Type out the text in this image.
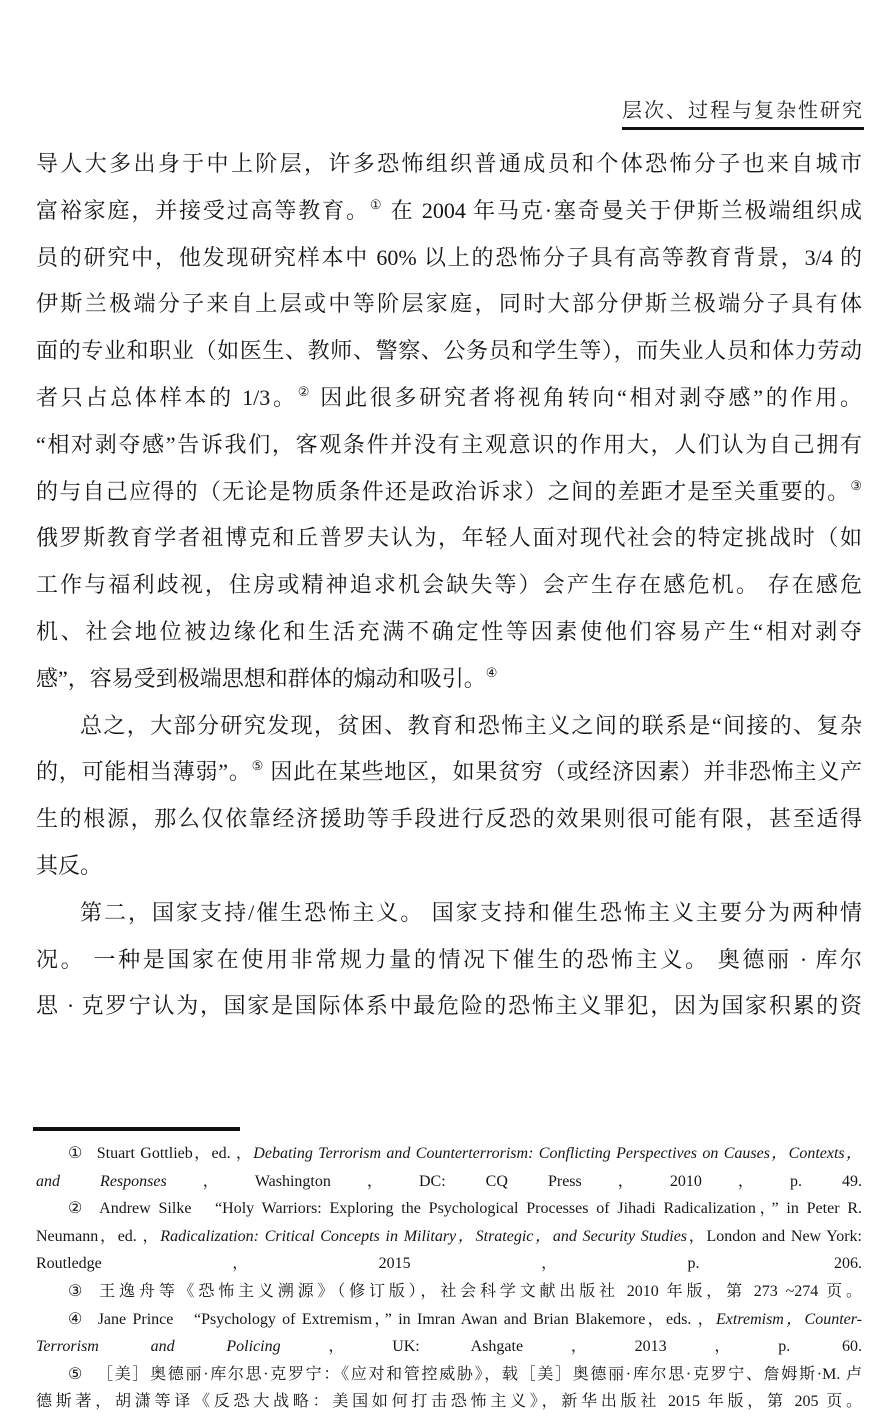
层次、过程与复杂性研究
导人大多出身于中上阶层，许多恐怖组织普通成员和个体恐怖分子也来自城市
富裕家庭，并接受过高等教育。① 在 2004 年马克·塞奇曼关于伊斯兰极端组织成
员的研究中，他发现研究样本中 60% 以上的恐怖分子具有高等教育背景，3/4 的
伊斯兰极端分子来自上层或中等阶层家庭，同时大部分伊斯兰极端分子具有体
面的专业和职业（如医生、教师、警察、公务员和学生等），而失业人员和体力劳动
者只占总体样本的 1/3。② 因此很多研究者将视角转向“相对剥夺感”的作用。
“相对剥夺感”告诉我们，客观条件并没有主观意识的作用大，人们认为自己拥有
的与自己应得的（无论是物质条件还是政治诉求）之间的差距才是至关重要的。③
俄罗斯教育学者祖博克和丘普罗夫认为，年轻人面对现代社会的特定挑战时（如
工作与福利歧视，住房或精神追求机会缺失等）会产生存在感危机。 存在感危
机、社会地位被边缘化和生活充满不确定性等因素使他们容易产生“相对剥夺
感”，容易受到极端思想和群体的煽动和吸引。④
总之，大部分研究发现，贫困、教育和恐怖主义之间的联系是“间接的、复杂
的，可能相当薄弱”。⑤ 因此在某些地区，如果贫穷（或经济因素）并非恐怖主义产
生的根源，那么仅依靠经济援助等手段进行反恐的效果则很可能有限，甚至适得
其反。
第二，国家支持/催生恐怖主义。 国家支持和催生恐怖主义主要分为两种情
况。 一种是国家在使用非常规力量的情况下催生的恐怖主义。 奥德丽 · 库尔
思 · 克罗宁认为，国家是国际体系中最危险的恐怖主义罪犯，因为国家积累的资
① Stuart Gottlieb，ed. ，Debating Terrorism and Counterterrorism: Conflicting Perspectives on Causes，Contexts，
and Responses，Washington，DC: CQ Press，2010，p. 49.
② Andrew Silke　“Holy Warriors: Exploring the Psychological Processes of Jihadi Radicalization，” in Peter R.
Neumann，ed. ，Radicalization: Critical Concepts in Military，Strategic，and Security Studies，London and New York:
Routledge，2015，p. 206.
③ 王逸舟等《恐怖主义溯源》（修订版），社会科学文献出版社 2010 年版，第 273 ~274 页。
④ Jane Prince　“Psychology of Extremism，” in Imran Awan and Brian Blakemore，eds. ，Extremism，Counter-
Terrorism and Policing，UK: Ashgate，2013，p. 60.
⑤ ［美］奥德丽·库尔思·克罗宁：《应对和管控威胁》，载［美］奥德丽·库尔思·克罗宁、詹姆斯·M. 卢
德斯著，胡潇等译《反恐大战略：美国如何打击恐怖主义》，新华出版社 2015 年版，第 205 页。
